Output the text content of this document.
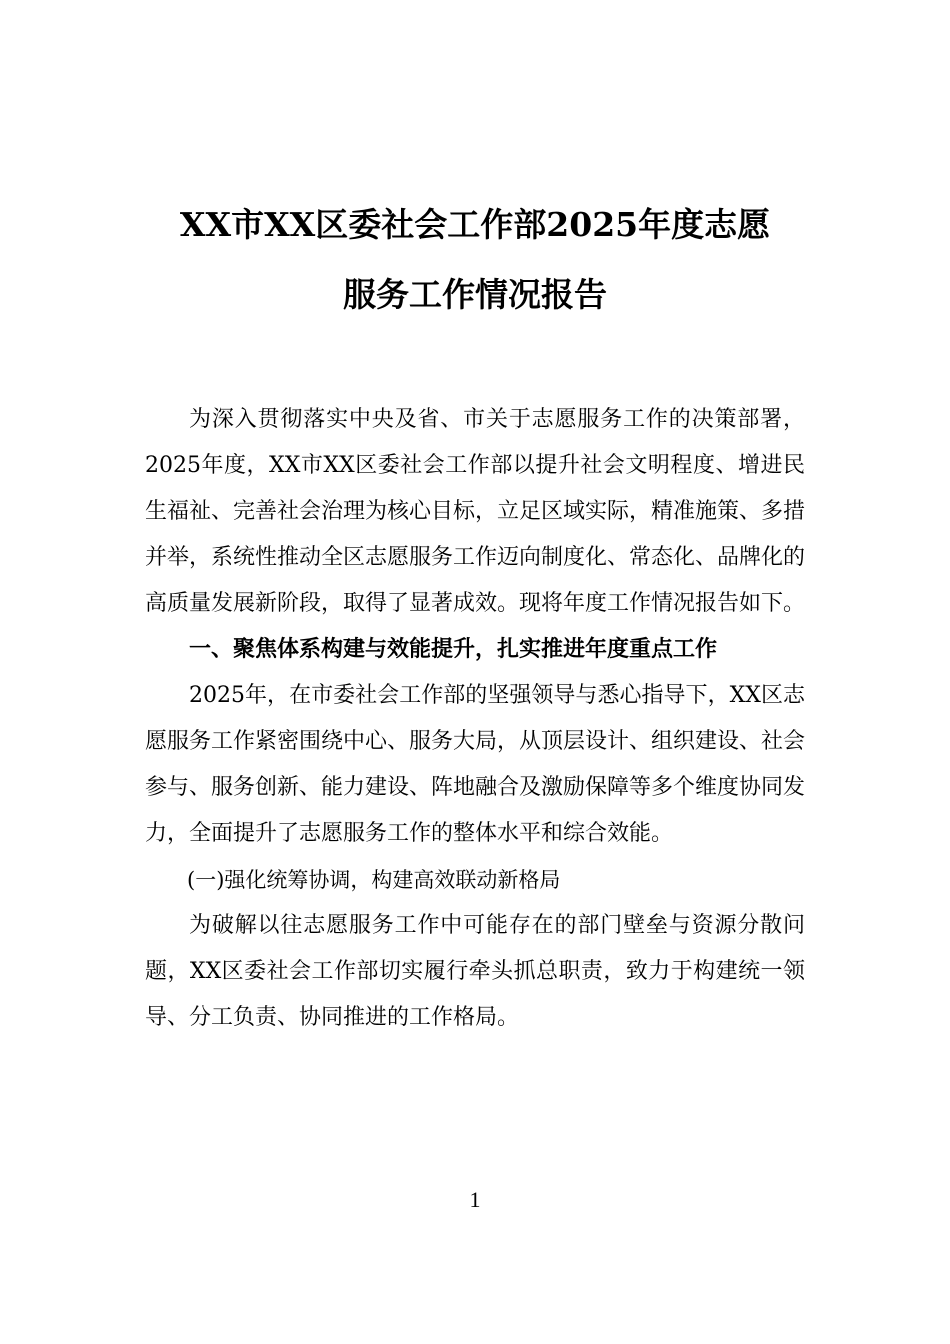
XX市XX区委社会工作部2025年度志愿
服务工作情况报告

为深入贯彻落实中央及省、市关于志愿服务工作的决策部署，2025年度，XX市XX区委社会工作部以提升社会文明程度、增进民生福祉、完善社会治理为核心目标，立足区域实际，精准施策、多措并举，系统性推动全区志愿服务工作迈向制度化、常态化、品牌化的高质量发展新阶段，取得了显著成效。现将年度工作情况报告如下。

一、聚焦体系构建与效能提升，扎实推进年度重点工作

2025年，在市委社会工作部的坚强领导与悉心指导下，XX区志愿服务工作紧密围绕中心、服务大局，从顶层设计、组织建设、社会参与、服务创新、能力建设、阵地融合及激励保障等多个维度协同发力，全面提升了志愿服务工作的整体水平和综合效能。

(一)强化统筹协调，构建高效联动新格局

为破解以往志愿服务工作中可能存在的部门壁垒与资源分散问题，XX区委社会工作部切实履行牵头抓总职责，致力于构建统一领导、分工负责、协同推进的工作格局。

1
